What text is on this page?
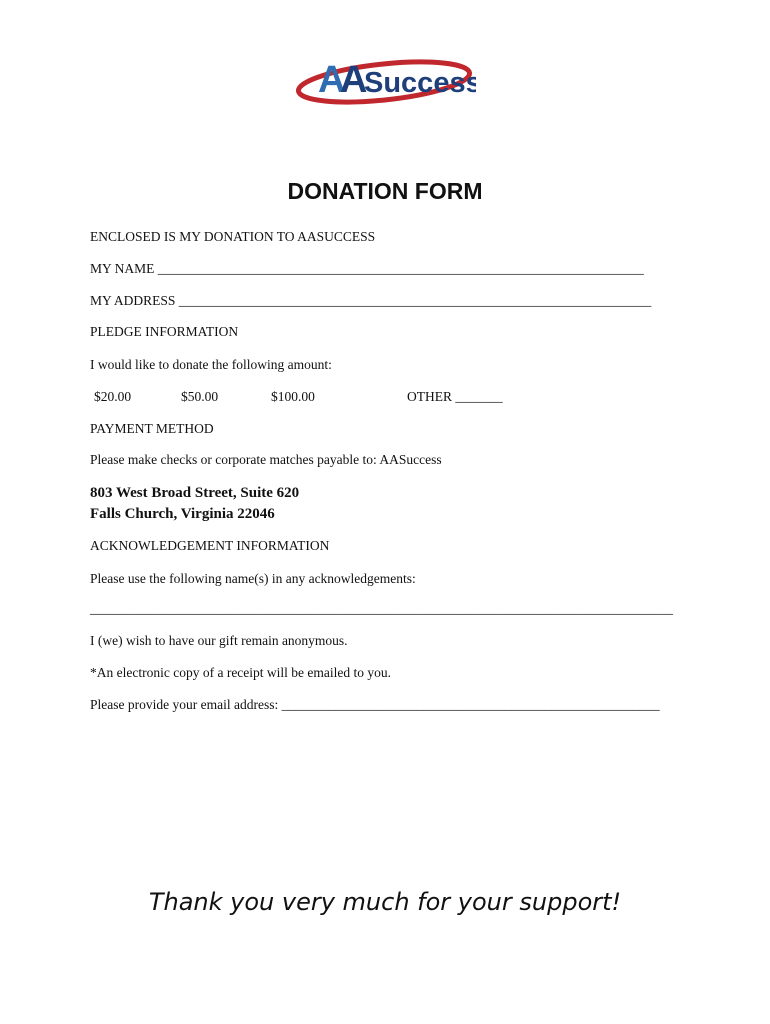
A
A
Success
DONATION FORM
ENCLOSED IS MY DONATION TO AASUCCESS
MY NAME ________________________________________________________________________
MY ADDRESS ______________________________________________________________________
PLEDGE INFORMATION
I would like to donate the following amount:
$20.00	$50.00	$100.00	OTHER _______
PAYMENT METHOD
Please make checks or corporate matches payable to: AASuccess
803 West Broad Street, Suite 620
Falls Church, Virginia 22046
ACKNOWLEDGEMENT INFORMATION
Please use the following name(s) in any acknowledgements:
________________________________________________________________________________________
I (we) wish to have our gift remain anonymous.
*An electronic copy of a receipt will be emailed to you.
Please provide your email address: ________________________________________________________
Thank you very much for your support!
